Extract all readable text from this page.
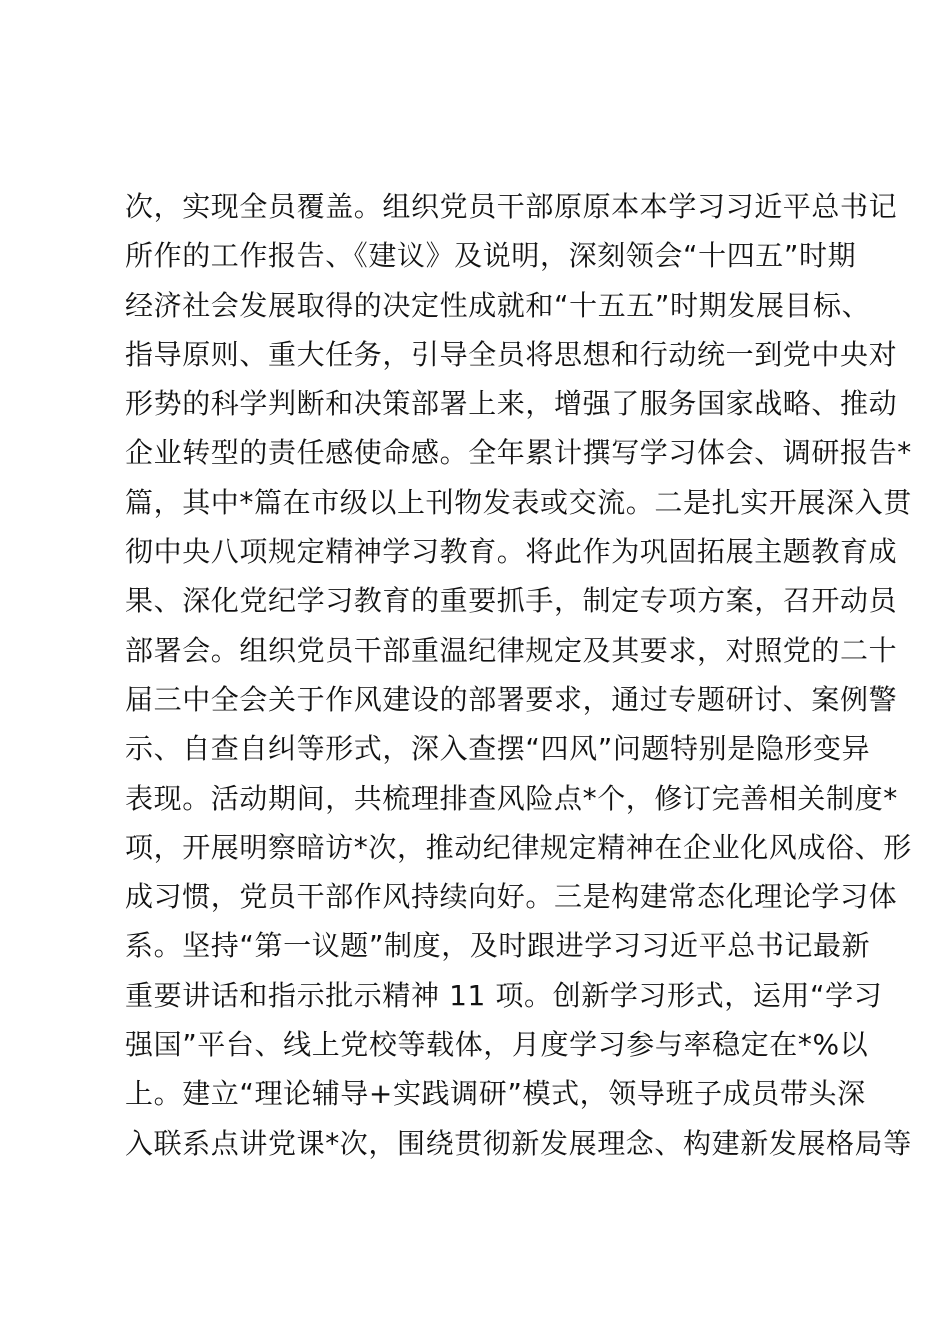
次，实现全员覆盖。组织党员干部原原本本学习习近平总书记
所作的工作报告、《建议》及说明，深刻领会“十四五”时期
经济社会发展取得的决定性成就和“十五五”时期发展目标、
指导原则、重大任务，引导全员将思想和行动统一到党中央对
形势的科学判断和决策部署上来，增强了服务国家战略、推动
企业转型的责任感使命感。全年累计撰写学习体会、调研报告*
篇，其中*篇在市级以上刊物发表或交流。二是扎实开展深入贯
彻中央八项规定精神学习教育。将此作为巩固拓展主题教育成
果、深化党纪学习教育的重要抓手，制定专项方案，召开动员
部署会。组织党员干部重温纪律规定及其要求，对照党的二十
届三中全会关于作风建设的部署要求，通过专题研讨、案例警
示、自查自纠等形式，深入查摆“四风”问题特别是隐形变异
表现。活动期间，共梳理排查风险点*个，修订完善相关制度*
项，开展明察暗访*次，推动纪律规定精神在企业化风成俗、形
成习惯，党员干部作风持续向好。三是构建常态化理论学习体
系。坚持“第一议题”制度，及时跟进学习习近平总书记最新
重要讲话和指示批示精神 11 项。创新学习形式，运用“学习
强国”平台、线上党校等载体，月度学习参与率稳定在*%以
上。建立“理论辅导+实践调研”模式，领导班子成员带头深
入联系点讲党课*次，围绕贯彻新发展理念、构建新发展格局等
